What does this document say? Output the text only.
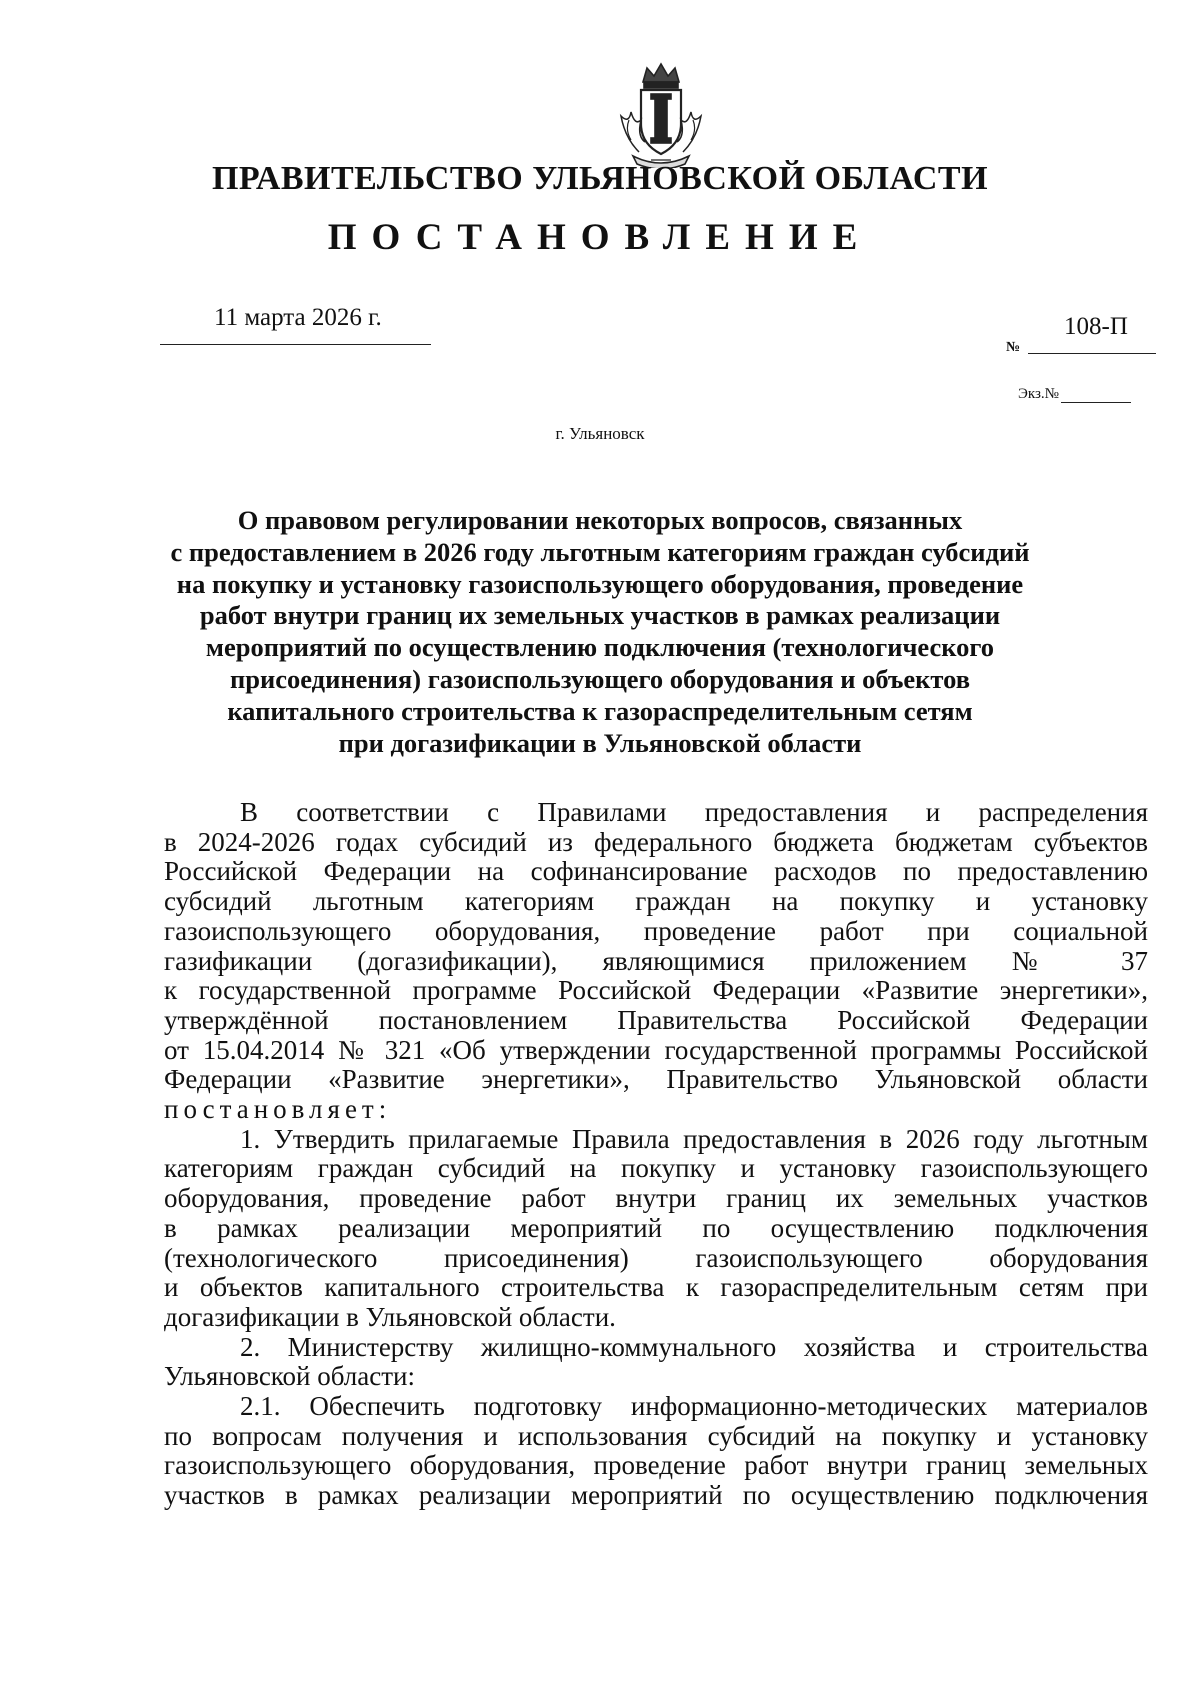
ПРАВИТЕЛЬСТВО УЛЬЯНОВСКОЙ ОБЛАСТИ
ПОСТАНОВЛЕНИЕ
11 марта 2026 г.
№
108-П
Экз.№
г. Ульяновск
О правовом регулировании некоторых вопросов, связанных
с предоставлением в 2026 году льготным категориям граждан субсидий
на покупку и установку газоиспользующего оборудования, проведение
работ внутри границ их земельных участков в рамках реализации
мероприятий по осуществлению подключения (технологического
присоединения) газоиспользующего оборудования и объектов
капитального строительства к газораспределительным сетям
при догазификации в Ульяновской области
В соответствии с Правилами предоставления и распределения
в 2024-2026 годах субсидий из федерального бюджета бюджетам субъектов
Российской Федерации на софинансирование расходов по предоставлению
субсидий льготным категориям граждан на покупку и установку
газоиспользующего оборудования, проведение работ при социальной
газификации (догазификации), являющимися приложением № 37
к государственной программе Российской Федерации «Развитие энергетики»,
утверждённой постановлением Правительства Российской Федерации
от 15.04.2014 № 321 «Об утверждении государственной программы Российской
Федерации «Развитие энергетики», Правительство Ульяновской области
постановляет:
1. Утвердить прилагаемые Правила предоставления в 2026 году льготным
категориям граждан субсидий на покупку и установку газоиспользующего
оборудования, проведение работ внутри границ их земельных участков
в рамках реализации мероприятий по осуществлению подключения
(технологического присоединения) газоиспользующего оборудования
и объектов капитального строительства к газораспределительным сетям при
догазификации в Ульяновской области.
2. Министерству жилищно-коммунального хозяйства и строительства
Ульяновской области:
2.1. Обеспечить подготовку информационно-методических материалов
по вопросам получения и использования субсидий на покупку и установку
газоиспользующего оборудования, проведение работ внутри границ земельных
участков в рамках реализации мероприятий по осуществлению подключения
